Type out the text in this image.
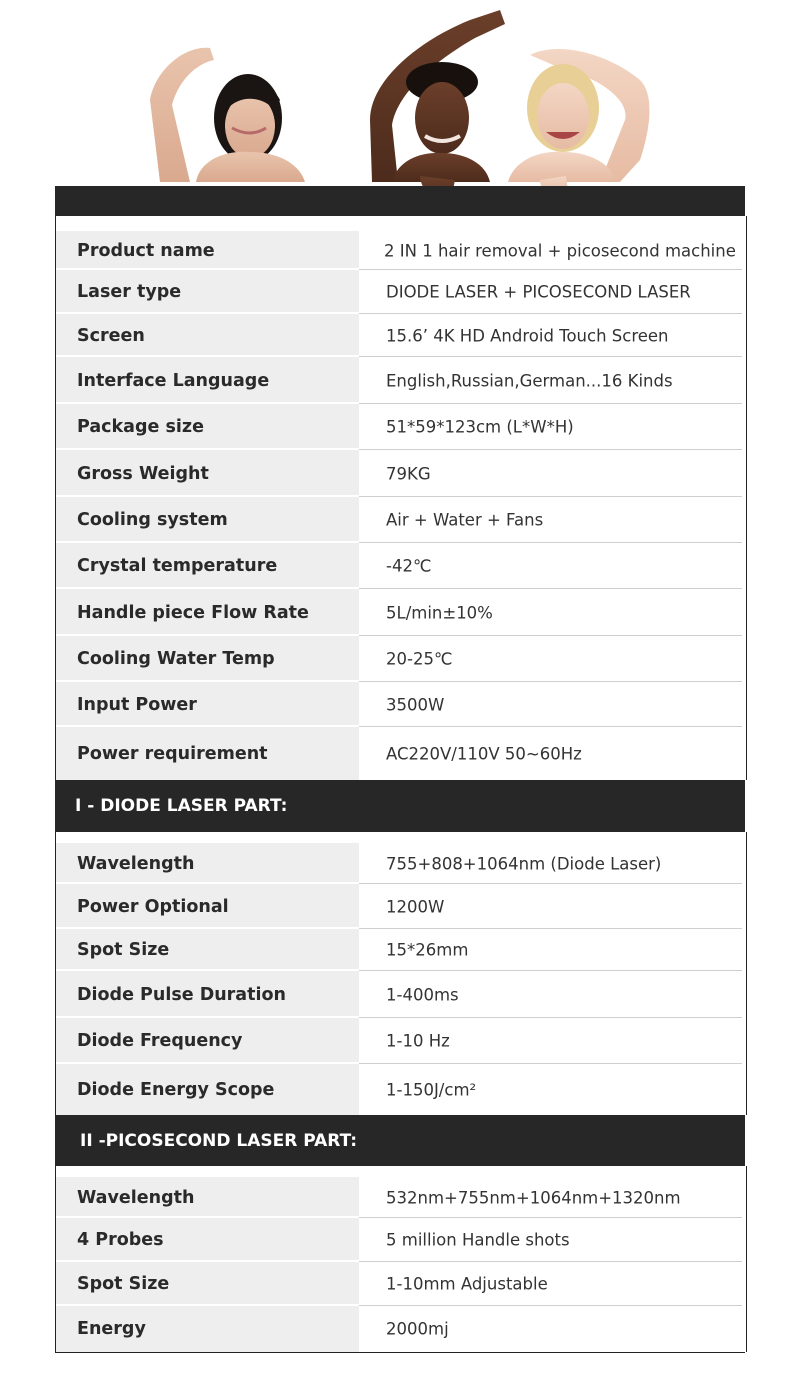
Product name	2 IN 1 hair removal + picosecond machine
Laser type	DIODE LASER + PICOSECOND LASER
Screen	15.6’ 4K HD Android Touch Screen
Interface Language	English,Russian,German...16 Kinds
Package size	51*59*123cm (L*W*H)
Gross Weight	79KG
Cooling system	Air + Water + Fans
Crystal temperature	-42℃
Handle piece Flow Rate	5L/min±10%
Cooling Water Temp	20-25℃
Input Power	3500W
Power requirement	AC220V/110V 50~60Hz
I - DIODE LASER PART:
Wavelength	755+808+1064nm (Diode Laser)
Power Optional	1200W
Spot Size	15*26mm
Diode Pulse Duration	1-400ms
Diode Frequency	1-10 Hz
Diode Energy Scope	1-150J/cm²
II -PICOSECOND LASER PART:
Wavelength	532nm+755nm+1064nm+1320nm
4 Probes	5 million Handle shots
Spot Size	1-10mm Adjustable
Energy	2000mj
